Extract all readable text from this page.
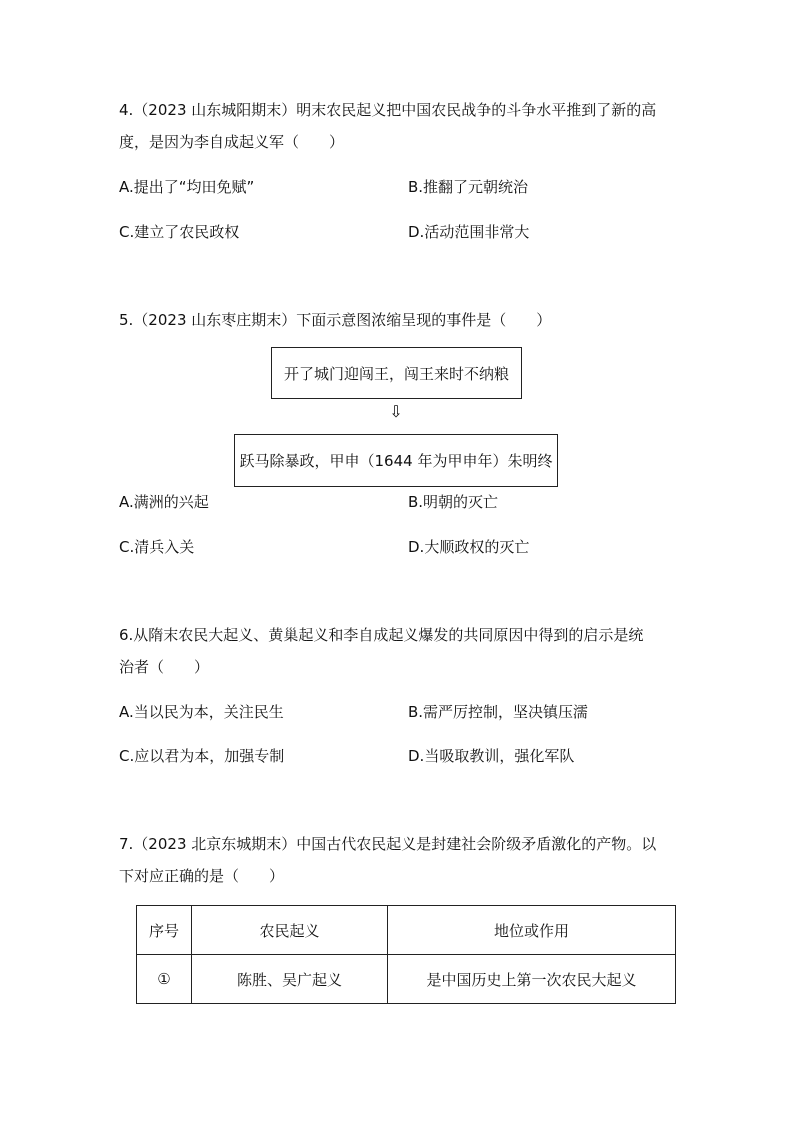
4.（2023 山东城阳期末）明末农民起义把中国农民战争的斗争水平推到了新的高
度，是因为李自成起义军（　　）
A.提出了“均田免赋”	B.推翻了元朝统治
C.建立了农民政权	D.活动范围非常大
5.（2023 山东枣庄期末）下面示意图浓缩呈现的事件是（　　）
开了城门迎闯王，闯王来时不纳粮
⇩
跃马除暴政，甲申（1644 年为甲申年）朱明终
A.满洲的兴起	B.明朝的灭亡
C.清兵入关	D.大顺政权的灭亡
6.从隋末农民大起义、黄巢起义和李自成起义爆发的共同原因中得到的启示是统
治者（　　）
A.当以民为本，关注民生	B.需严厉控制，坚决镇压濡
C.应以君为本，加强专制	D.当吸取教训，强化军队
7.（2023 北京东城期末）中国古代农民起义是封建社会阶级矛盾激化的产物。以
下对应正确的是（　　）
序号	农民起义	地位或作用
①	陈胜、吴广起义	是中国历史上第一次农民大起义
